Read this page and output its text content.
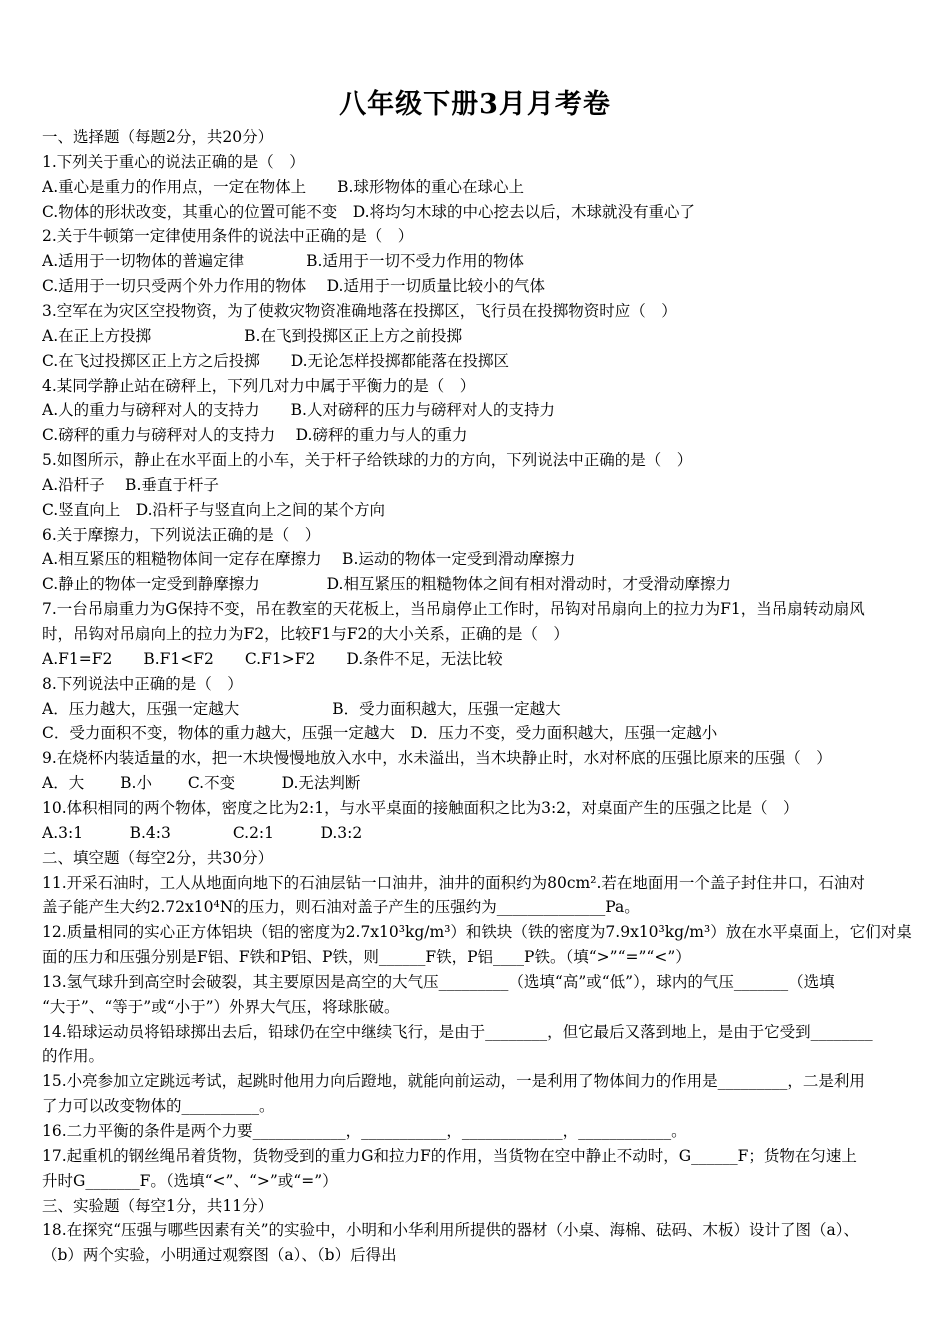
八年级下册3月月考卷
一、选择题（每题2分，共20分）
1.下列关于重心的说法正确的是（　）
A.重心是重力的作用点，一定在物体上　　B.球形物体的重心在球心上
C.物体的形状改变，其重心的位置可能不变　D.将均匀木球的中心挖去以后，木球就没有重心了
2.关于牛顿第一定律使用条件的说法中正确的是（　）
A.适用于一切物体的普遍定律　　　　B.适用于一切不受力作用的物体
C.适用于一切只受两个外力作用的物体　 D.适用于一切质量比较小的气体
3.空军在为灾区空投物资，为了使救灾物资准确地落在投掷区，飞行员在投掷物资时应（　）
A.在正上方投掷　　　　　　B.在飞到投掷区正上方之前投掷
C.在飞过投掷区正上方之后投掷　　D.无论怎样投掷都能落在投掷区
4.某同学静止站在磅秤上，下列几对力中属于平衡力的是（　）
A.人的重力与磅秤对人的支持力　　B.人对磅秤的压力与磅秤对人的支持力
C.磅秤的重力与磅秤对人的支持力　 D.磅秤的重力与人的重力
5.如图所示，静止在水平面上的小车，关于杆子给铁球的力的方向，下列说法中正确的是（　）
A.沿杆子　 B.垂直于杆子
C.竖直向上　D.沿杆子与竖直向上之间的某个方向
6.关于摩擦力，下列说法正确的是（　）
A.相互紧压的粗糙物体间一定存在摩擦力　 B.运动的物体一定受到滑动摩擦力
C.静止的物体一定受到静摩擦力　　　　 D.相互紧压的粗糙物体之间有相对滑动时，才受滑动摩擦力
7.一台吊扇重力为G保持不变，吊在教室的天花板上，当吊扇停止工作时，吊钩对吊扇向上的拉力为F1，当吊扇转动扇风
时，吊钩对吊扇向上的拉力为F2，比较F1与F2的大小关系，正确的是（　）
A.F1=F2　　B.F1<F2　　C.F1>F2　　D.条件不足，无法比较
8.下列说法中正确的是（　）
A．压力越大，压强一定越大　　　　　　B．受力面积越大，压强一定越大
C．受力面积不变，物体的重力越大，压强一定越大　D．压力不变，受力面积越大，压强一定越小
9.在烧杯内装适量的水，把一木块慢慢地放入水中，水未溢出，当木块静止时，水对杯底的压强比原来的压强（　）
A．大　　 B.小　　 C.不变　　　D.无法判断
10.体积相同的两个物体，密度之比为2:1，与水平桌面的接触面积之比为3:2，对桌面产生的压强之比是（　）
A.3:1　　　B.4:3　　　　C.2:1　　　D.3:2
二、填空题（每空2分，共30分）
11.开采石油时，工人从地面向地下的石油层钻一口油井，油井的面积约为80cm².若在地面用一个盖子封住井口，石油对
盖子能产生大约2.72x10⁴N的压力，则石油对盖子产生的压强约为______________Pa。
12.质量相同的实心正方体铝块（铝的密度为2.7x10³kg/m³）和铁块（铁的密度为7.9x10³kg/m³）放在水平桌面上，它们对桌
面的压力和压强分别是F铝、F铁和P铝、P铁，则______F铁，P铝____P铁。（填“>”“=”“<”）
13.氢气球升到高空时会破裂，其主要原因是高空的大气压_________（选填“高”或“低”），球内的气压_______（选填
“大于”、“等于”或“小于”）外界大气压，将球胀破。
14.铅球运动员将铅球掷出去后，铅球仍在空中继续飞行，是由于________，但它最后又落到地上，是由于它受到________
的作用。
15.小亮参加立定跳远考试，起跳时他用力向后蹬地，就能向前运动，一是利用了物体间力的作用是_________，二是利用
了力可以改变物体的__________。
16.二力平衡的条件是两个力要____________，___________，_____________，____________。
17.起重机的钢丝绳吊着货物，货物受到的重力G和拉力F的作用，当货物在空中静止不动时，G______F；货物在匀速上
升时G_______F。（选填“<”、“>”或“=”）
三、实验题（每空1分，共11分）
18.在探究“压强与哪些因素有关”的实验中，小明和小华利用所提供的器材（小桌、海棉、砝码、木板）设计了图（a）、
（b）两个实验，小明通过观察图（a）、（b）后得出
